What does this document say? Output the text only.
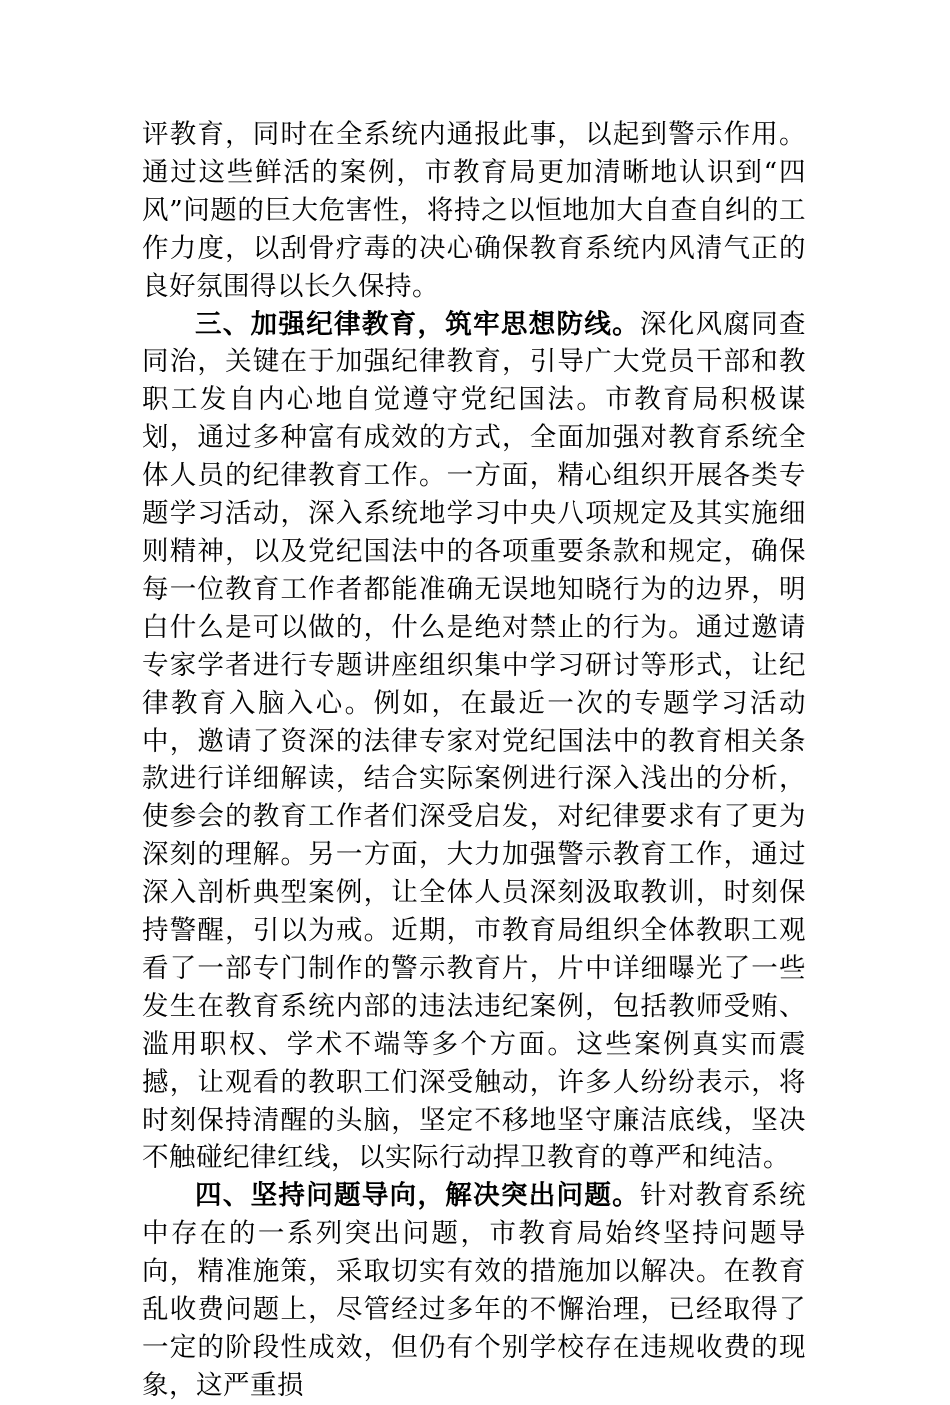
评教育，同时在全系统内通报此事，以起到警示作用。通过这些鲜活的案例，市教育局更加清晰地认识到“四风”问题的巨大危害性，将持之以恒地加大自查自纠的工作力度，以刮骨疗毒的决心确保教育系统内风清气正的良好氛围得以长久保持。

三、加强纪律教育，筑牢思想防线。深化风腐同查同治，关键在于加强纪律教育，引导广大党员干部和教职工发自内心地自觉遵守党纪国法。市教育局积极谋划，通过多种富有成效的方式，全面加强对教育系统全体人员的纪律教育工作。一方面，精心组织开展各类专题学习活动，深入系统地学习中央八项规定及其实施细则精神，以及党纪国法中的各项重要条款和规定，确保每一位教育工作者都能准确无误地知晓行为的边界，明白什么是可以做的，什么是绝对禁止的行为。通过邀请专家学者进行专题讲座组织集中学习研讨等形式，让纪律教育入脑入心。例如，在最近一次的专题学习活动中，邀请了资深的法律专家对党纪国法中的教育相关条款进行详细解读，结合实际案例进行深入浅出的分析，使参会的教育工作者们深受启发，对纪律要求有了更为深刻的理解。另一方面，大力加强警示教育工作，通过深入剖析典型案例，让全体人员深刻汲取教训，时刻保持警醒，引以为戒。近期，市教育局组织全体教职工观看了一部专门制作的警示教育片，片中详细曝光了一些发生在教育系统内部的违法违纪案例，包括教师受贿、滥用职权、学术不端等多个方面。这些案例真实而震撼，让观看的教职工们深受触动，许多人纷纷表示，将时刻保持清醒的头脑，坚定不移地坚守廉洁底线，坚决不触碰纪律红线，以实际行动捍卫教育的尊严和纯洁。

四、坚持问题导向，解决突出问题。针对教育系统中存在的一系列突出问题，市教育局始终坚持问题导向，精准施策，采取切实有效的措施加以解决。在教育乱收费问题上，尽管经过多年的不懈治理，已经取得了一定的阶段性成效，但仍有个别学校存在违规收费的现象，这严重损
